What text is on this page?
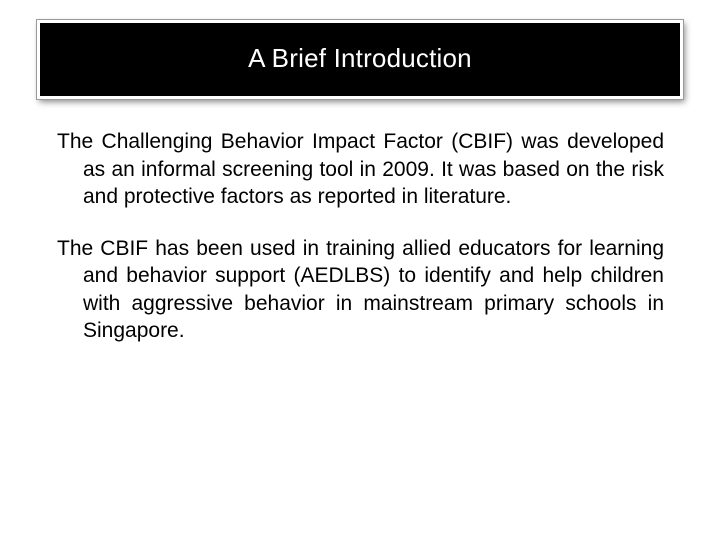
A Brief Introduction

The Challenging Behavior Impact Factor (CBIF) was developed as an informal screening tool in 2009. It was based on the risk and protective factors as reported in literature.

The CBIF has been used in training allied educators for learning and behavior support (AEDLBS) to identify and help children with aggressive behavior in mainstream primary schools in Singapore.
